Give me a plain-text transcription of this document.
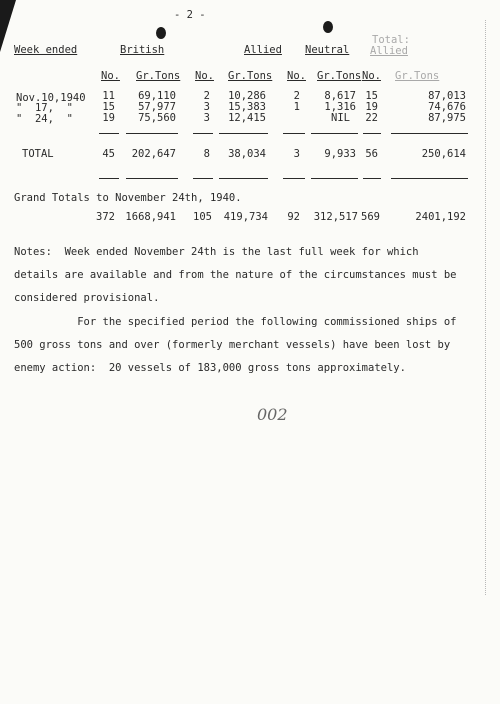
- 2 -
Week ended	British	Allied Neutral
Total:
Allied
No. Gr.Tons No. Gr.Tons No. Gr.Tons No. Gr.Tons
Nov.10,1940	11	69,110	2	10,286	2	8,617 15	87,013
"  17,  "	15	57,977	3	15,383	1	1,316 19	74,676
"  24,  "	19	75,560	3	12,415	NIL	22	87,975
TOTAL	45	202,647	8	38,034	3	9,933 56	250,614
Grand Totals to November 24th, 1940.
372 1668,941	105	419,734	92	312,517 569	2401,192
Notes:  Week ended November 24th is the last full week for which
details are available and from the nature of the circumstances must be
considered provisional.
For the specified period the following commissioned ships of
500 gross tons and over (formerly merchant vessels) have been lost by
enemy action:  20 vessels of 183,000 gross tons approximately.
002
